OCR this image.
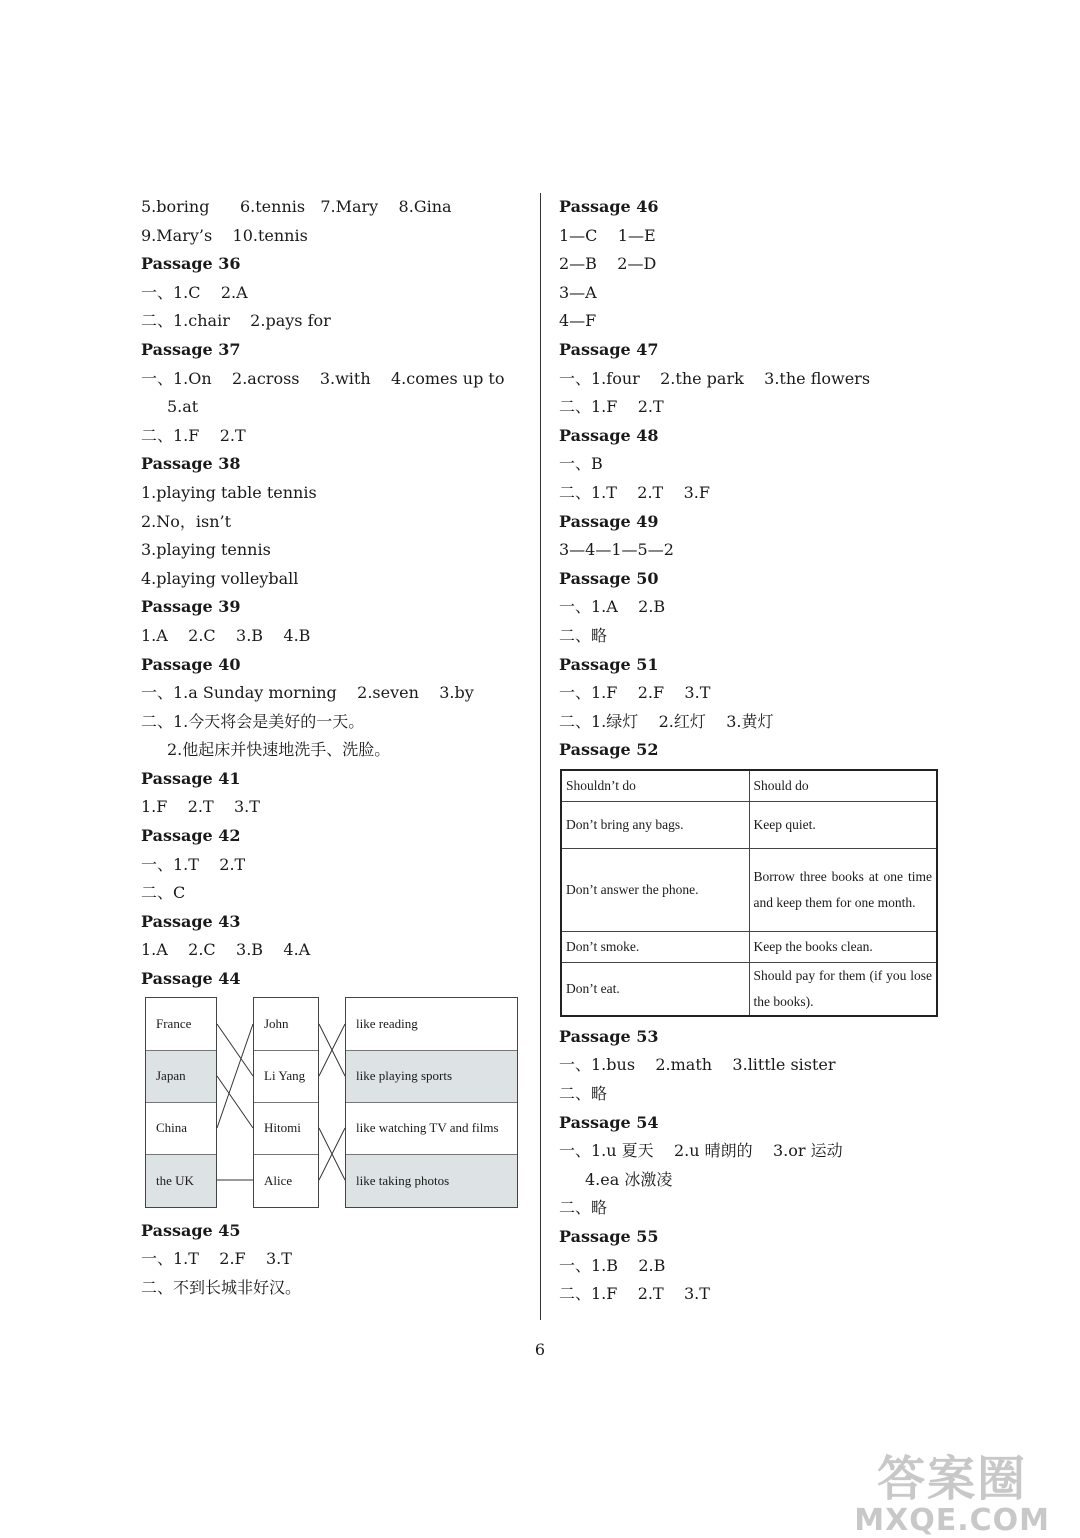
5.boring      6.tennis   7.Mary    8.Gina
9.Mary’s    10.tennis
Passage 36
一、1.C    2.A
二、1.chair    2.pays for
Passage 37
一、1.On    2.across    3.with    4.comes up to
5.at
二、1.F    2.T
Passage 38
1.playing table tennis
2.No，isn’t
3.playing tennis
4.playing volleyball
Passage 39
1.A    2.C    3.B    4.B
Passage 40
一、1.a Sunday morning    2.seven    3.by
二、1.今天将会是美好的一天。
2.他起床并快速地洗手、洗脸。
Passage 41
1.F    2.T    3.T
Passage 42
一、1.T    2.T
二、C
Passage 43
1.A    2.C    3.B    4.A
Passage 44
France
Japan
China
the UK
John
Li Yang
Hitomi
Alice
like reading
like playing sports
like watching TV and films
like taking photos
Passage 45
一、1.T    2.F    3.T
二、不到长城非好汉。
Passage 46
1—C    1—E
2—B    2—D
3—A
4—F
Passage 47
一、1.four    2.the park    3.the flowers
二、1.F    2.T
Passage 48
一、B
二、1.T    2.T    3.F
Passage 49
3—4—1—5—2
Passage 50
一、1.A    2.B
二、略
Passage 51
一、1.F    2.F    3.T
二、1.绿灯    2.红灯    3.黄灯
Passage 52
Shouldn’t do	Should do
Don’t bring any bags.	Keep quiet.
Don’t answer the phone.	Borrow three books at one time and keep them for one month.
Don’t smoke.	Keep the books clean.
Don’t eat.	Should pay for them (if you lose the books).
Passage 53
一、1.bus    2.math    3.little sister
二、略
Passage 54
一、1.u 夏天    2.u 晴朗的    3.or 运动
4.ea 冰激凌
二、略
Passage 55
一、1.B    2.B
二、1.F    2.T    3.T
6
答案圈
MXQE.COM
